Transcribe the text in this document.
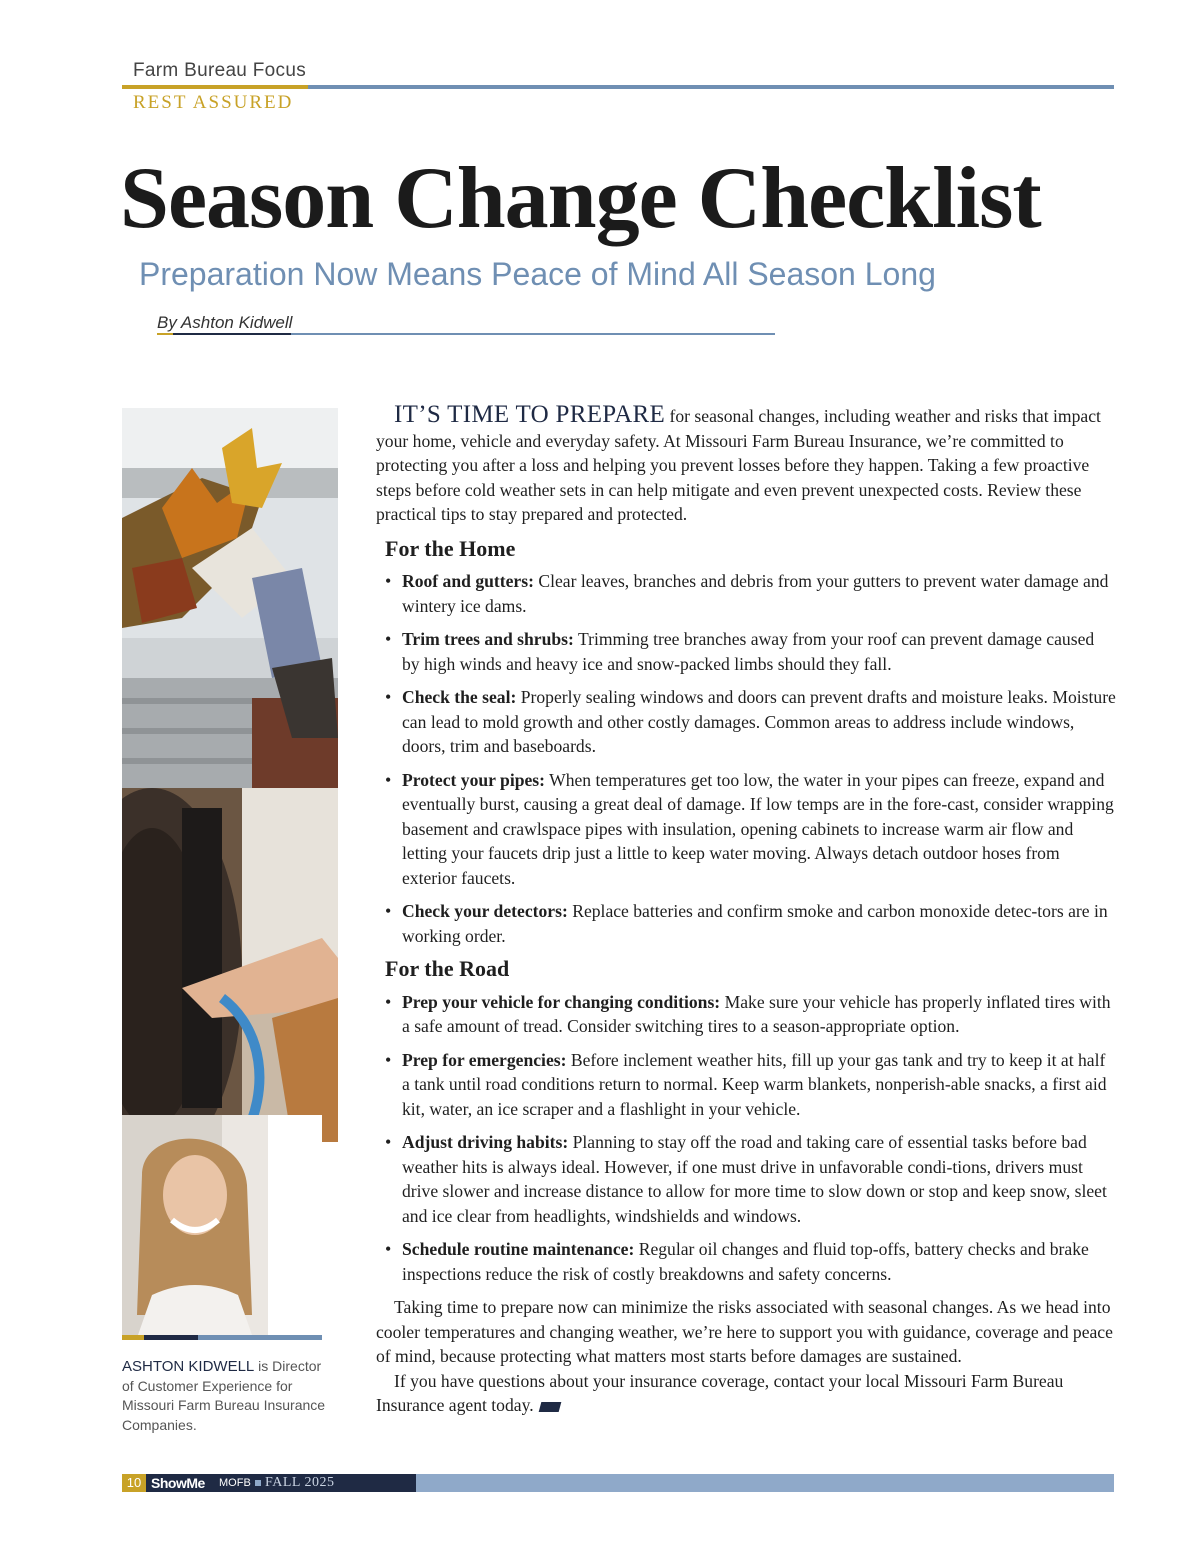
Farm Bureau Focus
REST ASSURED
Season Change Checklist
Preparation Now Means Peace of Mind All Season Long
By Ashton Kidwell
ASHTON KIDWELL is Director of Customer Experience for Missouri Farm Bureau Insurance Companies.

IT’S TIME TO PREPARE for seasonal changes, including weather and risks that impact your home, vehicle and everyday safety. At Missouri Farm Bureau Insurance, we’re committed to protecting you after a loss and helping you prevent losses before they happen. Taking a few proactive steps before cold weather sets in can help mitigate and even prevent unexpected costs. Review these practical tips to stay prepared and protected.

For the Home
• Roof and gutters: Clear leaves, branches and debris from your gutters to prevent water damage and wintery ice dams.
• Trim trees and shrubs: Trimming tree branches away from your roof can prevent damage caused by high winds and heavy ice and snow-packed limbs should they fall.
• Check the seal: Properly sealing windows and doors can prevent drafts and moisture leaks. Moisture can lead to mold growth and other costly damages. Common areas to address include windows, doors, trim and baseboards.
• Protect your pipes: When temperatures get too low, the water in your pipes can freeze, expand and eventually burst, causing a great deal of damage. If low temps are in the fore-cast, consider wrapping basement and crawlspace pipes with insulation, opening cabinets to increase warm air flow and letting your faucets drip just a little to keep water moving. Always detach outdoor hoses from exterior faucets.
• Check your detectors: Replace batteries and confirm smoke and carbon monoxide detec-tors are in working order.
For the Road
• Prep your vehicle for changing conditions: Make sure your vehicle has properly inflated tires with a safe amount of tread. Consider switching tires to a season-appropriate option.
• Prep for emergencies: Before inclement weather hits, fill up your gas tank and try to keep it at half a tank until road conditions return to normal. Keep warm blankets, nonperish-able snacks, a first aid kit, water, an ice scraper and a flashlight in your vehicle.
• Adjust driving habits: Planning to stay off the road and taking care of essential tasks before bad weather hits is always ideal. However, if one must drive in unfavorable condi-tions, drivers must drive slower and increase distance to allow for more time to slow down or stop and keep snow, sleet and ice clear from headlights, windshields and windows.
• Schedule routine maintenance: Regular oil changes and fluid top-offs, battery checks and brake inspections reduce the risk of costly breakdowns and safety concerns.

Taking time to prepare now can minimize the risks associated with seasonal changes. As we head into cooler temperatures and changing weather, we’re here to support you with guidance, coverage and peace of mind, because protecting what matters most starts before damages are sustained.

If you have questions about your insurance coverage, contact your local Missouri Farm Bureau Insurance agent today.

10 ShowMe MOFB FALL 2025
